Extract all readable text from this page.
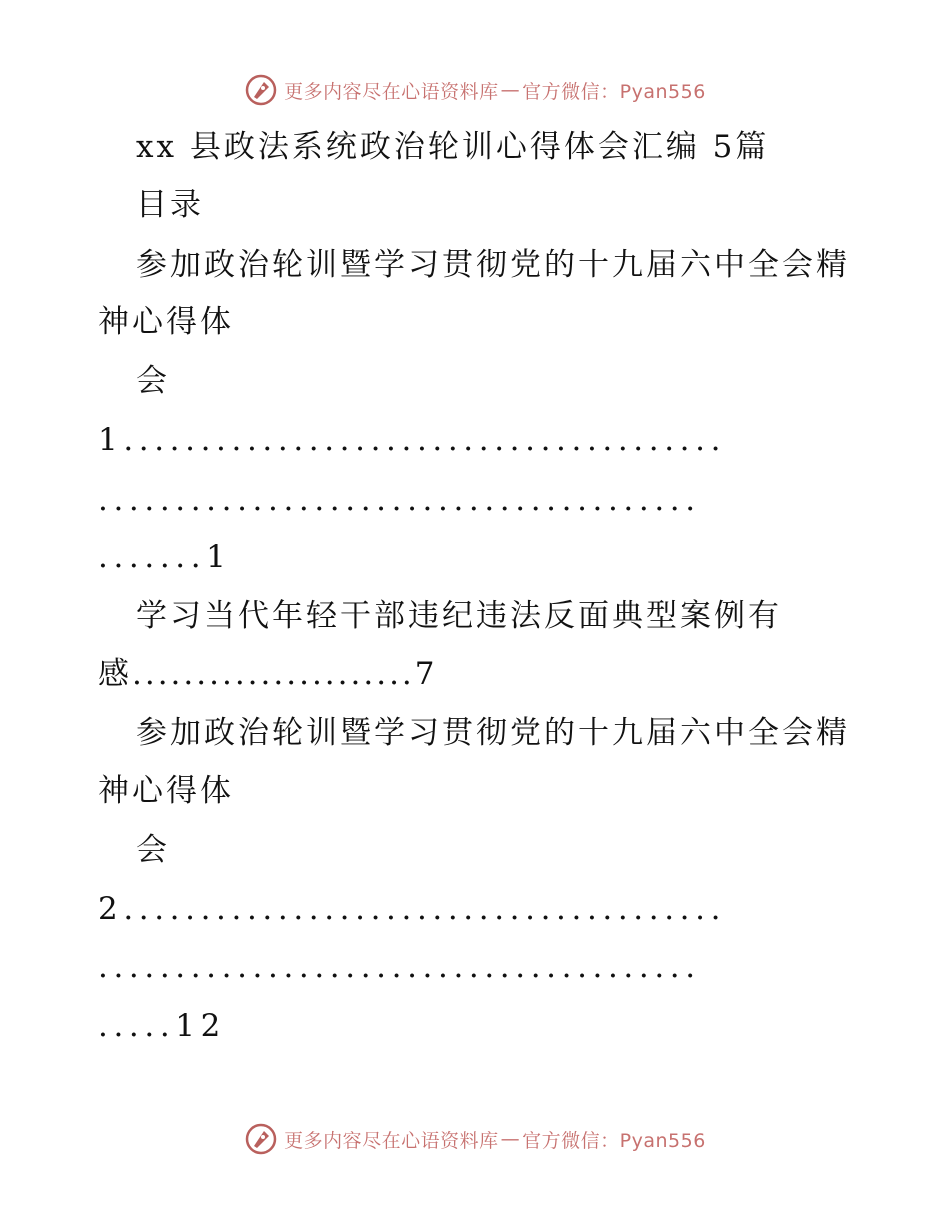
更多内容尽在心语资料库 — 官方微信：Pyan556
xx 县政法系统政治轮训心得体会汇编 5篇
目录
参加政治轮训暨学习贯彻党的十九届六中全会精
神心得体
会
1.......................................
.......................................
.......1
学习当代年轻干部违纪违法反面典型案例有
感......................7
参加政治轮训暨学习贯彻党的十九届六中全会精
神心得体
会
2.......................................
.......................................
.....12
更多内容尽在心语资料库 — 官方微信：Pyan556
